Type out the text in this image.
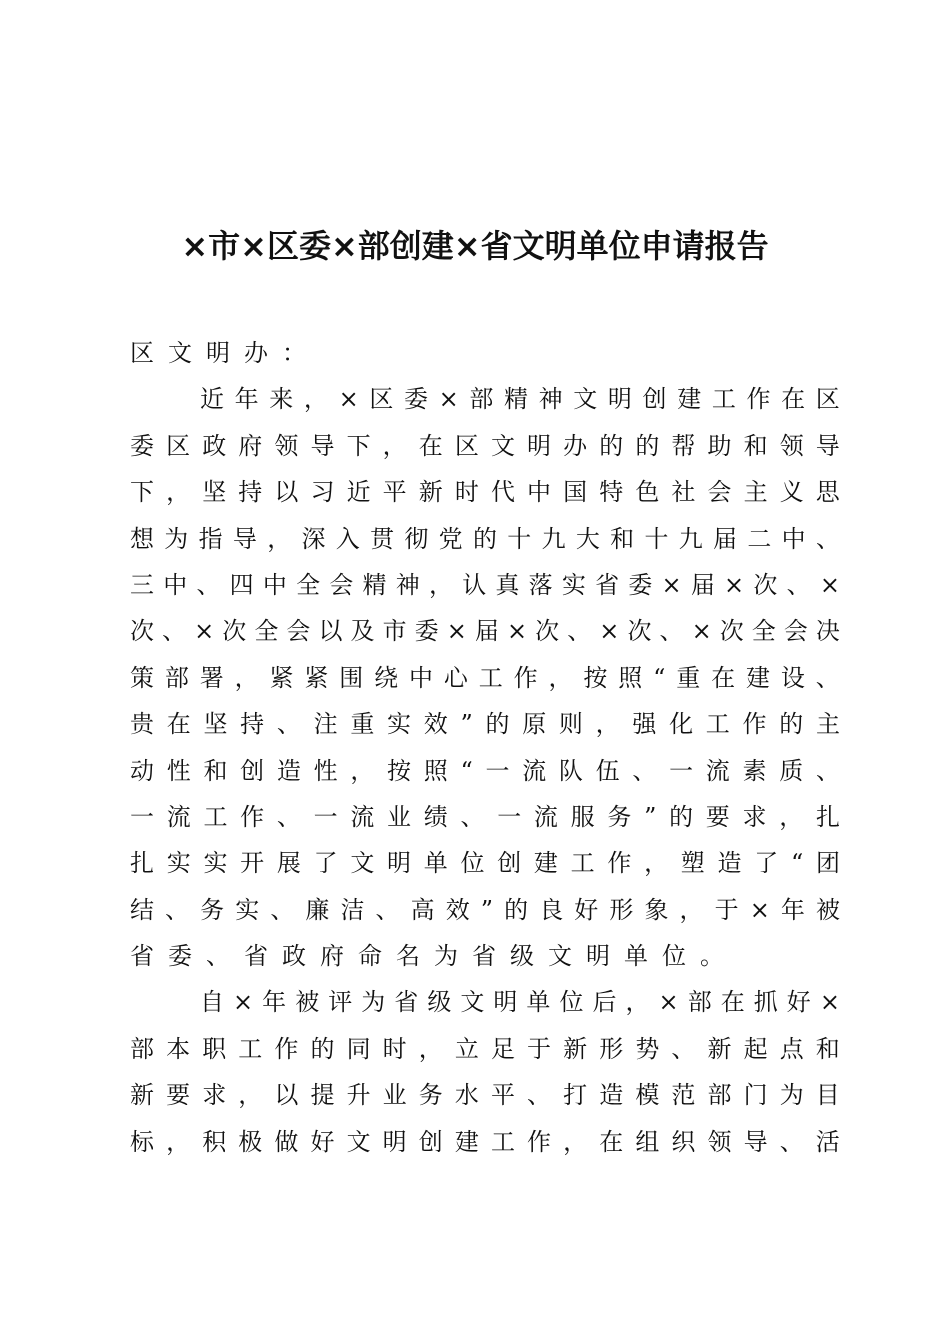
×市×区委×部创建×省文明单位申请报告
区文明办：
近 年 来 ， × 区 委 × 部 精 神 文 明 创 建 工 作 在 区
委 区 政 府 领 导 下 ， 在 区 文 明 办 的 的 帮 助 和 领 导
下 ， 坚 持 以 习 近 平 新 时 代 中 国 特 色 社 会 主 义 思
想 为 指 导 ， 深 入 贯 彻 党 的 十 九 大 和 十 九 届 二 中 、
三 中 、 四 中 全 会 精 神 ， 认 真 落 实 省 委 × 届 × 次 、 ×
次 、 × 次 全 会 以 及 市 委 × 届 × 次 、 × 次 、 × 次 全 会 决
策 部 署 ， 紧 紧 围 绕 中 心 工 作 ， 按 照 “ 重 在 建 设 、
贵 在 坚 持 、 注 重 实 效 ” 的 原 则 ， 强 化 工 作 的 主
动 性 和 创 造 性 ， 按 照 “ 一 流 队 伍 、 一 流 素 质 、
一 流 工 作 、 一 流 业 绩 、 一 流 服 务 ” 的 要 求 ， 扎
扎 实 实 开 展 了 文 明 单 位 创 建 工 作 ， 塑 造 了 “ 团
结 、 务 实 、 廉 洁 、 高 效 ” 的 良 好 形 象 ， 于 × 年 被
省委、省政府命名为省级文明单位。
自 × 年 被 评 为 省 级 文 明 单 位 后 ， × 部 在 抓 好 ×
部 本 职 工 作 的 同 时 ， 立 足 于 新 形 势 、 新 起 点 和
新 要 求 ， 以 提 升 业 务 水 平 、 打 造 模 范 部 门 为 目
标 ， 积 极 做 好 文 明 创 建 工 作 ， 在 组 织 领 导 、 活
